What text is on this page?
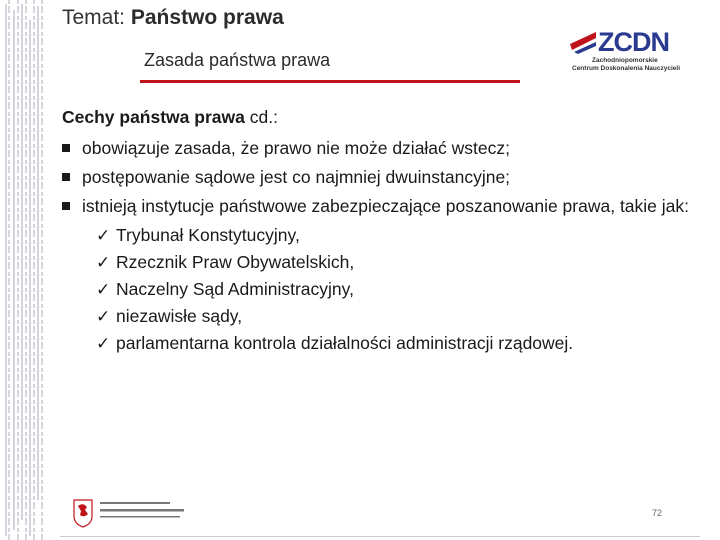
Temat: Państwo prawa
Zasada państwa prawa
ZCDN
Zachodniopomorskie
Centrum Doskonalenia Nauczycieli
Cechy państwa prawa cd.:
obowiązuje zasada, że prawo nie może działać wstecz;
postępowanie sądowe jest co najmniej dwuinstancyjne;
istnieją instytucje państwowe zabezpieczające poszanowanie prawa, takie jak:
✓ Trybunał Konstytucyjny,
✓ Rzecznik Praw Obywatelskich,
✓ Naczelny Sąd Administracyjny,
✓ niezawisłe sądy,
✓ parlamentarna kontrola działalności administracji rządowej.
72
